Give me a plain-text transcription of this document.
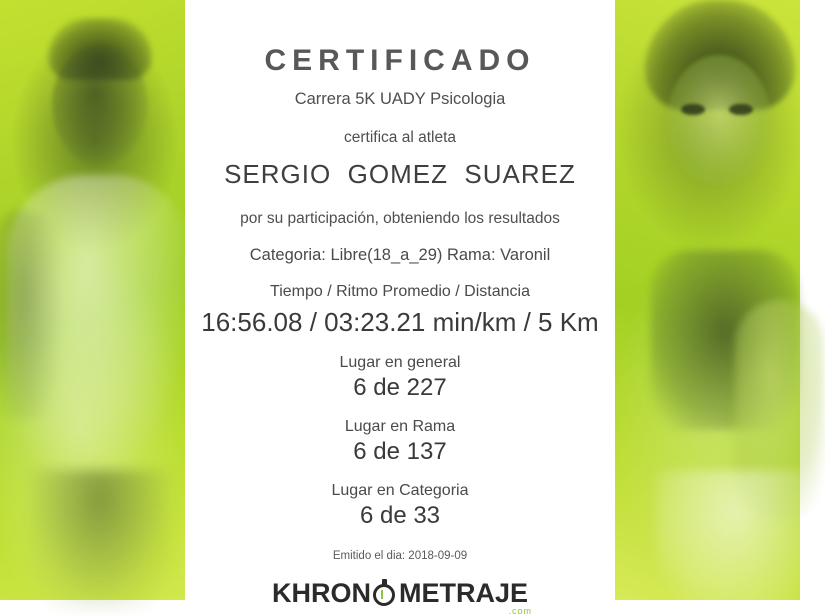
CERTIFICADO
Carrera 5K UADY Psicologia
certifica al atleta
SERGIO  GOMEZ  SUAREZ
por su participación, obteniendo los resultados
Categoria: Libre(18_a_29) Rama: Varonil
Tiempo / Ritmo Promedio / Distancia
16:56.08 / 03:23.21 min/km / 5 Km
Lugar en general
6 de 227
Lugar en Rama
6 de 137
Lugar en Categoria
6 de 33
Emitido el dia: 2018-09-09
KHRON METRAJE
.com
